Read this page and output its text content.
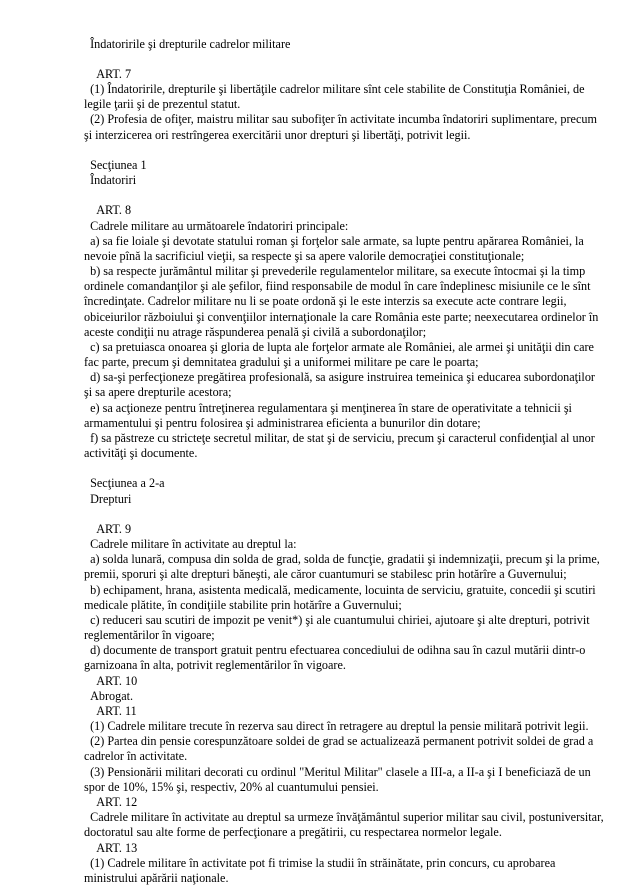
Îndatoririle şi drepturile cadrelor militare
ART. 7
(1) Îndatoririle, drepturile şi libertăţile cadrelor militare sînt cele stabilite de Constituţia României, de
legile ţarii şi de prezentul statut.
(2) Profesia de ofiţer, maistru militar sau subofiţer în activitate incumba îndatoriri suplimentare, precum
şi interzicerea ori restrîngerea exercitării unor drepturi şi libertăţi, potrivit legii.
Secţiunea 1
Îndatoriri
ART. 8
Cadrele militare au următoarele îndatoriri principale:
a) sa fie loiale şi devotate statului roman şi forţelor sale armate, sa lupte pentru apărarea României, la
nevoie pînă la sacrificiul vieţii, sa respecte şi sa apere valorile democraţiei constituţionale;
b) sa respecte jurământul militar şi prevederile regulamentelor militare, sa execute întocmai şi la timp
ordinele comandanţilor şi ale şefilor, fiind responsabile de modul în care îndeplinesc misiunile ce le sînt
încredinţate. Cadrelor militare nu li se poate ordonă şi le este interzis sa execute acte contrare legii,
obiceiurilor războiului şi convenţiilor internaţionale la care România este parte; neexecutarea ordinelor în
aceste condiţii nu atrage răspunderea penală şi civilă a subordonaţilor;
c) sa pretuiasca onoarea şi gloria de lupta ale forţelor armate ale României, ale armei şi unităţii din care
fac parte, precum şi demnitatea gradului şi a uniformei militare pe care le poarta;
d) sa-şi perfecţioneze pregătirea profesională, sa asigure instruirea temeinica şi educarea subordonaţilor
şi sa apere drepturile acestora;
e) sa acţioneze pentru întreţinerea regulamentara şi menţinerea în stare de operativitate a tehnicii şi
armamentului şi pentru folosirea şi administrarea eficienta a bunurilor din dotare;
f) sa păstreze cu stricteţe secretul militar, de stat şi de serviciu, precum şi caracterul confidenţial al unor
activităţi şi documente.
Secţiunea a 2-a
Drepturi
ART. 9
Cadrele militare în activitate au dreptul la:
a) solda lunară, compusa din solda de grad, solda de funcţie, gradatii şi indemnizaţii, precum şi la prime,
premii, sporuri şi alte drepturi băneşti, ale căror cuantumuri se stabilesc prin hotărîre a Guvernului;
b) echipament, hrana, asistenta medicală, medicamente, locuinta de serviciu, gratuite, concedii şi scutiri
medicale plătite, în condiţiile stabilite prin hotărîre a Guvernului;
c) reduceri sau scutiri de impozit pe venit*) şi ale cuantumului chiriei, ajutoare şi alte drepturi, potrivit
reglementărilor în vigoare;
d) documente de transport gratuit pentru efectuarea concediului de odihna sau în cazul mutării dintr-o
garnizoana în alta, potrivit reglementărilor în vigoare.
ART. 10
Abrogat.
ART. 11
(1) Cadrele militare trecute în rezerva sau direct în retragere au dreptul la pensie militară potrivit legii.
(2) Partea din pensie corespunzătoare soldei de grad se actualizează permanent potrivit soldei de grad a
cadrelor în activitate.
(3) Pensionării militari decorati cu ordinul "Meritul Militar" clasele a III-a, a II-a şi I beneficiază de un
spor de 10%, 15% şi, respectiv, 20% al cuantumului pensiei.
ART. 12
Cadrele militare în activitate au dreptul sa urmeze învăţământul superior militar sau civil, postuniversitar,
doctoratul sau alte forme de perfecţionare a pregătirii, cu respectarea normelor legale.
ART. 13
(1) Cadrele militare în activitate pot fi trimise la studii în străinătate, prin concurs, cu aprobarea
ministrului apărării naţionale.
